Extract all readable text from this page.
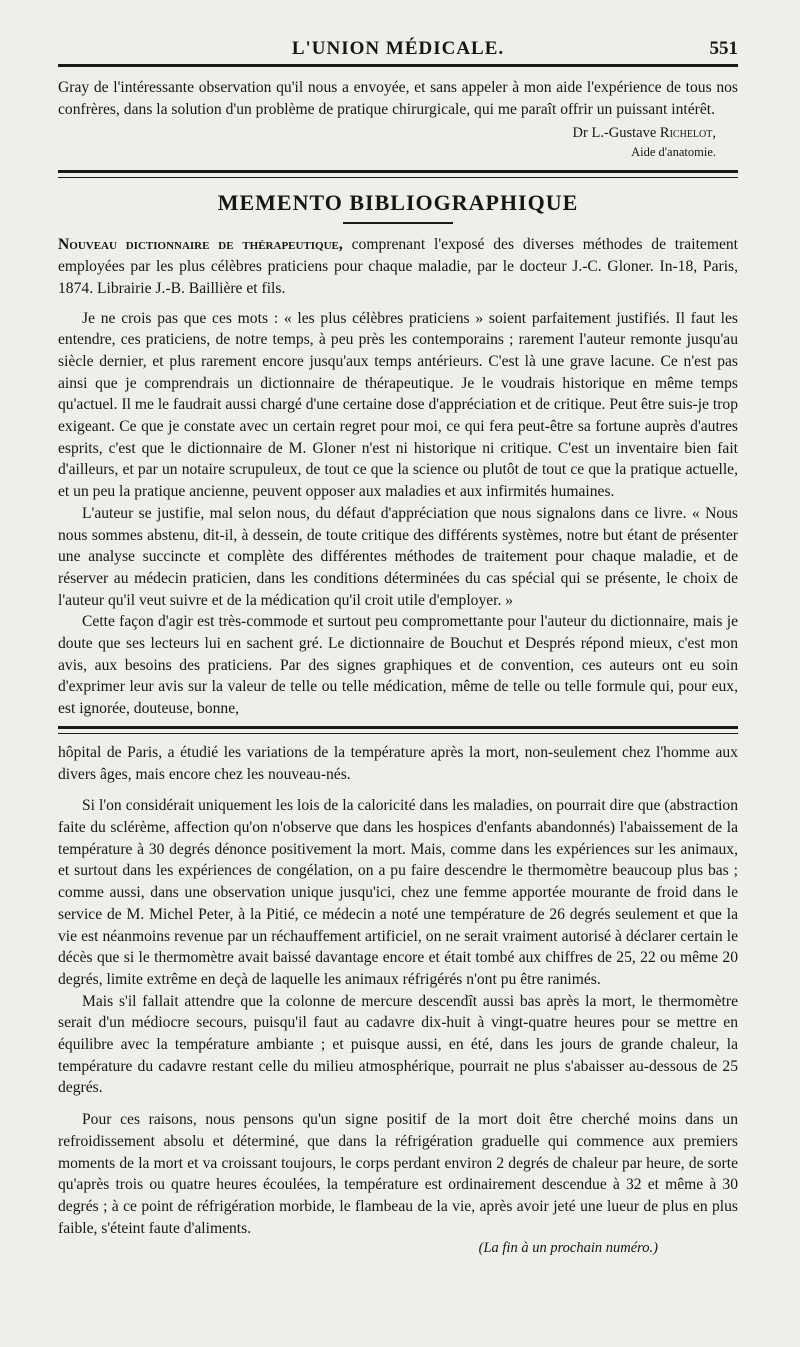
L'UNION MÉDICALE.	551

Gray de l'intéressante observation qu'il nous a envoyée, et sans appeler à mon aide l'expérience de tous nos confrères, dans la solution d'un problème de pratique chirurgicale, qui me paraît offrir un puissant intérêt.

Dr L.-Gustave Richelot,
Aide d'anatomie.
MEMENTO BIBLIOGRAPHIQUE

Nouveau dictionnaire de thérapeutique, comprenant l'exposé des diverses méthodes de traitement employées par les plus célèbres praticiens pour chaque maladie, par le docteur J.-C. Gloner. In-18, Paris, 1874. Librairie J.-B. Baillière et fils.

Je ne crois pas que ces mots : « les plus célèbres praticiens » soient parfaitement justifiés. Il faut les entendre, ces praticiens, de notre temps, à peu près les contemporains ; rarement l'auteur remonte jusqu'au siècle dernier, et plus rarement encore jusqu'aux temps antérieurs. C'est là une grave lacune. Ce n'est pas ainsi que je comprendrais un dictionnaire de thérapeutique. Je le voudrais historique en même temps qu'actuel. Il me le faudrait aussi chargé d'une certaine dose d'appréciation et de critique. Peut être suis-je trop exigeant. Ce que je constate avec un certain regret pour moi, ce qui fera peut-être sa fortune auprès d'autres esprits, c'est que le dictionnaire de M. Gloner n'est ni historique ni critique. C'est un inventaire bien fait d'ailleurs, et par un notaire scrupuleux, de tout ce que la science ou plutôt de tout ce que la pratique actuelle, et un peu la pratique ancienne, peuvent opposer aux maladies et aux infirmités humaines.

L'auteur se justifie, mal selon nous, du défaut d'appréciation que nous signalons dans ce livre. « Nous nous sommes abstenu, dit-il, à dessein, de toute critique des différents systèmes, notre but étant de présenter une analyse succincte et complète des différentes méthodes de traitement pour chaque maladie, et de réserver au médecin praticien, dans les conditions déterminées du cas spécial qui se présente, le choix de l'auteur qu'il veut suivre et de la médication qu'il croit utile d'employer. »

Cette façon d'agir est très-commode et surtout peu compromettante pour l'auteur du dictionnaire, mais je doute que ses lecteurs lui en sachent gré. Le dictionnaire de Bouchut et Després répond mieux, c'est mon avis, aux besoins des praticiens. Par des signes graphiques et de convention, ces auteurs ont eu soin d'exprimer leur avis sur la valeur de telle ou telle médication, même de telle ou telle formule qui, pour eux, est ignorée, douteuse, bonne,

hôpital de Paris, a étudié les variations de la température après la mort, non-seulement chez l'homme aux divers âges, mais encore chez les nouveau-nés.

Si l'on considérait uniquement les lois de la caloricité dans les maladies, on pourrait dire que (abstraction faite du sclérème, affection qu'on n'observe que dans les hospices d'enfants abandonnés) l'abaissement de la température à 30 degrés dénonce positivement la mort. Mais, comme dans les expériences sur les animaux, et surtout dans les expériences de congélation, on a pu faire descendre le thermomètre beaucoup plus bas ; comme aussi, dans une observation unique jusqu'ici, chez une femme apportée mourante de froid dans le service de M. Michel Peter, à la Pitié, ce médecin a noté une température de 26 degrés seulement et que la vie est néanmoins revenue par un réchauffement artificiel, on ne serait vraiment autorisé à déclarer certain le décès que si le thermomètre avait baissé davantage encore et était tombé aux chiffres de 25, 22 ou même 20 degrés, limite extrême en deçà de laquelle les animaux réfrigérés n'ont pu être ranimés.

Mais s'il fallait attendre que la colonne de mercure descendît aussi bas après la mort, le thermomètre serait d'un médiocre secours, puisqu'il faut au cadavre dix-huit à vingt-quatre heures pour se mettre en équilibre avec la température ambiante ; et puisque aussi, en été, dans les jours de grande chaleur, la température du cadavre restant celle du milieu atmosphérique, pourrait ne plus s'abaisser au-dessous de 25 degrés.

Pour ces raisons, nous pensons qu'un signe positif de la mort doit être cherché moins dans un refroidissement absolu et déterminé, que dans la réfrigération graduelle qui commence aux premiers moments de la mort et va croissant toujours, le corps perdant environ 2 degrés de chaleur par heure, de sorte qu'après trois ou quatre heures écoulées, la température est ordinairement descendue à 32 et même à 30 degrés ; à ce point de réfrigération morbide, le flambeau de la vie, après avoir jeté une lueur de plus en plus faible, s'éteint faute d'aliments.

(La fin à un prochain numéro.)
